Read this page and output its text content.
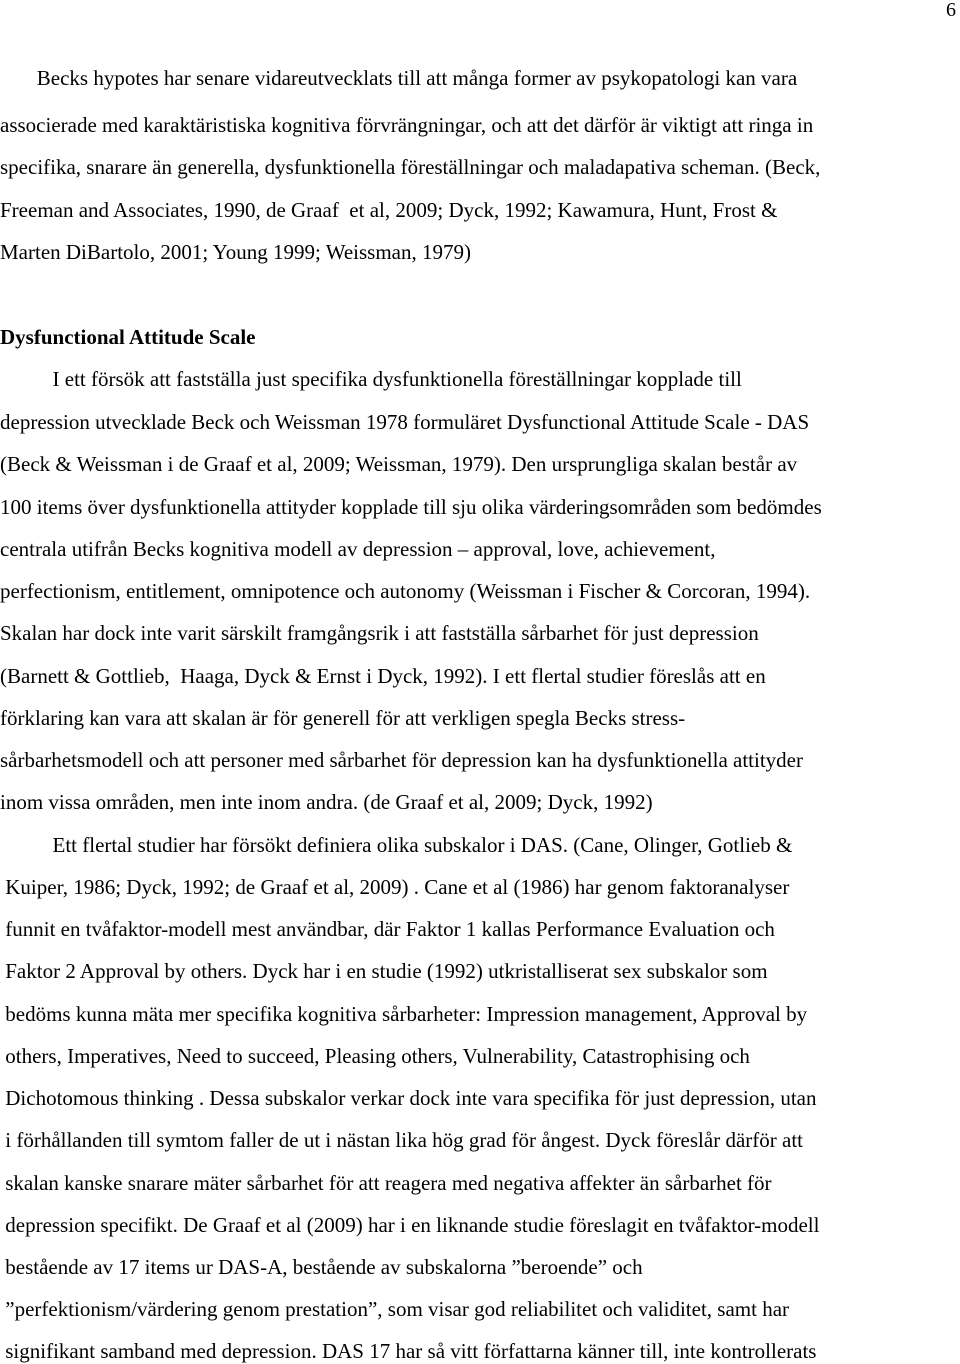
6
Becks hypotes har senare vidareutvecklats till att många former av psykopatologi kan vara
associerade med karaktäristiska kognitiva förvrängningar, och att det därför är viktigt att ringa in
specifika, snarare än generella, dysfunktionella föreställningar och maladapativa scheman. (Beck,
Freeman and Associates, 1990, de Graaf  et al, 2009; Dyck, 1992; Kawamura, Hunt, Frost &
Marten DiBartolo, 2001; Young 1999; Weissman, 1979)
Dysfunctional Attitude Scale
I ett försök att fastställa just specifika dysfunktionella föreställningar kopplade till
depression utvecklade Beck och Weissman 1978 formuläret Dysfunctional Attitude Scale - DAS
(Beck & Weissman i de Graaf et al, 2009; Weissman, 1979). Den ursprungliga skalan består av
100 items över dysfunktionella attityder kopplade till sju olika värderingsområden som bedömdes
centrala utifrån Becks kognitiva modell av depression – approval, love, achievement,
perfectionism, entitlement, omnipotence och autonomy (Weissman i Fischer & Corcoran, 1994).
Skalan har dock inte varit särskilt framgångsrik i att fastställa sårbarhet för just depression
(Barnett & Gottlieb,  Haaga, Dyck & Ernst i Dyck, 1992). I ett flertal studier föreslås att en
förklaring kan vara att skalan är för generell för att verkligen spegla Becks stress-
sårbarhetsmodell och att personer med sårbarhet för depression kan ha dysfunktionella attityder
inom vissa områden, men inte inom andra. (de Graaf et al, 2009; Dyck, 1992)
Ett flertal studier har försökt definiera olika subskalor i DAS. (Cane, Olinger, Gotlieb &
Kuiper, 1986; Dyck, 1992; de Graaf et al, 2009) . Cane et al (1986) har genom faktoranalyser
funnit en tvåfaktor-modell mest användbar, där Faktor 1 kallas Performance Evaluation och
Faktor 2 Approval by others. Dyck har i en studie (1992) utkristalliserat sex subskalor som
bedöms kunna mäta mer specifika kognitiva sårbarheter: Impression management, Approval by
others, Imperatives, Need to succeed, Pleasing others, Vulnerability, Catastrophising och
Dichotomous thinking . Dessa subskalor verkar dock inte vara specifika för just depression, utan
i förhållanden till symtom faller de ut i nästan lika hög grad för ångest. Dyck föreslår därför att
skalan kanske snarare mäter sårbarhet för att reagera med negativa affekter än sårbarhet för
depression specifikt. De Graaf et al (2009) har i en liknande studie föreslagit en tvåfaktor-modell
bestående av 17 items ur DAS-A, bestående av subskalorna ”beroende” och
”perfektionism/värdering genom prestation”, som visar god reliabilitet och validitet, samt har
signifikant samband med depression. DAS 17 har så vitt författarna känner till, inte kontrollerats
